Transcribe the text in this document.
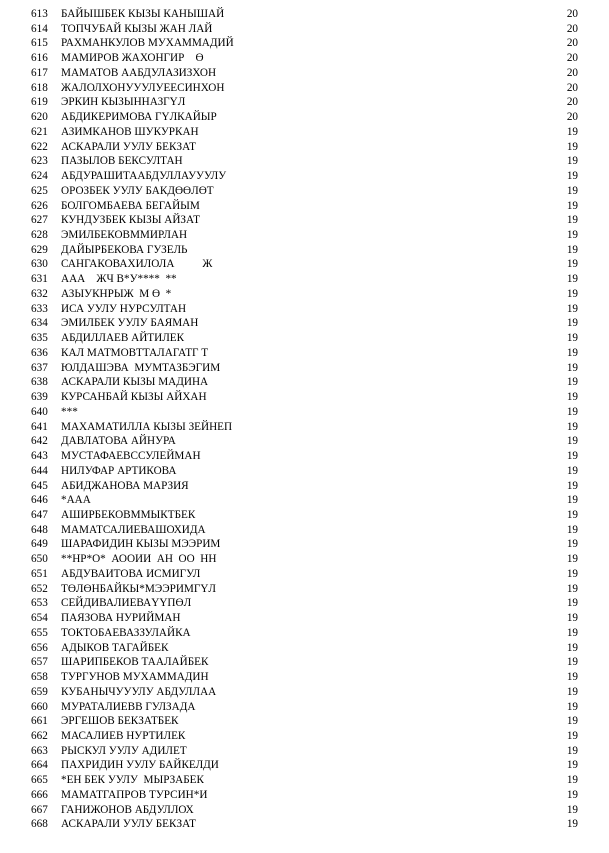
613 БАЙЫШБЕК КЫЗЫ КАНЫШАЙ	20
614 ТОПЧУБАЙ КЫЗЫ ЖАН ЛАЙ	20
615 РАХМАНКУЛОВ МУХАММАДИЙ	20
616 МАМИРОВ ЖАХОНГИР    Ө	20
617 МАМАТОВ ААБДУЛАЗИЗХОН	20
618 ЖАЛОЛХОНУУУЛУЕЕСИНХОН	20
619 ЭРКИН КЫЗЫННАЗГҮЛ	20
620 АБДИКЕРИМОВА ГҮЛКАЙЫР	20
621 АЗИМКАНОВ ШУКУРКАН	19
622 АСКАРАЛИ УУЛУ БЕКЗАТ	19
623 ПАЗЫЛОВ БЕКСУЛТАН	19
624 АБДУРАШИТААБДУЛЛАУУУЛУ	19
625 ОРОЗБЕК УУЛУ БАКДӨӨЛӨТ	19
626 БОЛГОМБАЕВА БЕГАЙЫМ	19
627 КУНДУЗБЕК КЫЗЫ АЙЗАТ	19
628 ЭМИЛБЕКОВММИРЛАН	19
629 ДАЙЫРБЕКОВА ГУЗЕЛЬ	19
630 САНГАКОВАХИЛОЛА          Ж	19
631 ААА    ЖЧ В*У****  **	19
632 АЗЫУКНРЫЖ  М Ө  *	19
633 ИСА УУЛУ НУРСУЛТАН	19
634 ЭМИЛБЕК УУЛУ БАЯМАН	19
635 АБДИЛЛАЕВ АЙТИЛЕК	19
636 КАЛ МАТМОВТТАЛАГАТГ Т	19
637 ЮЛДАШЭВА  МУМТАЗБЭГИМ	19
638 АСКАРАЛИ КЫЗЫ МАДИНА	19
639 КУРСАНБАЙ КЫЗЫ АЙХАН	19
640 ***	19
641 МАХАМАТИЛЛА КЫЗЫ ЗЕЙНЕП	19
642 ДАВЛАТОВА АЙНУРА	19
643 МУСТАФАЕВССУЛЕЙМАН	19
644 НИЛУФАР АРТИКОВА	19
645 АБИДЖАНОВА МАРЗИЯ	19
646 *ААА	19
647 АШИРБЕКОВММЫКТБЕК	19
648 МАМАТСАЛИЕВАШОХИДА	19
649 ШАРАФИДИН КЫЗЫ МЭЭРИМ	19
650 **НР*О*  АООИИ  АН  ОО  НН	19
651 АБДУВАИТОВА ИСМИГУЛ	19
652 ТӨЛӨНБАЙКЫ*МЭЭРИМГҮЛ	19
653 СЕЙДИВАЛИЕВАҮҮПӨЛ	19
654 ПАЯЗОВА НУРИЙМАН	19
655 ТОКТОБАЕВАЗЗУЛАЙКА	19
656 АДЫКОВ ТАГАЙБЕК	19
657 ШАРИПБЕКОВ ТААЛАЙБЕК	19
658 ТУРГУНОВ МУХАММАДИН	19
659 КУБАНЫЧУУУЛУ АБДУЛЛАА	19
660 МУРАТАЛИЕВВ ГУЛЗАДА	19
661 ЭРГЕШОВ БЕКЗАТБЕК	19
662 МАСАЛИЕВ НУРТИЛЕК	19
663 РЫСКУЛ УУЛУ АДИЛЕТ	19
664 ПАХРИДИН УУЛУ БАЙКЕЛДИ	19
665 *ЕН БЕК УУЛУ  МЫРЗАБЕК	19
666 МАМАТГАПРОВ ТУРСИН*И	19
667 ГАНИЖОНОВ АБДУЛЛОХ	19
668 АСКАРАЛИ УУЛУ БЕКЗАТ	19
